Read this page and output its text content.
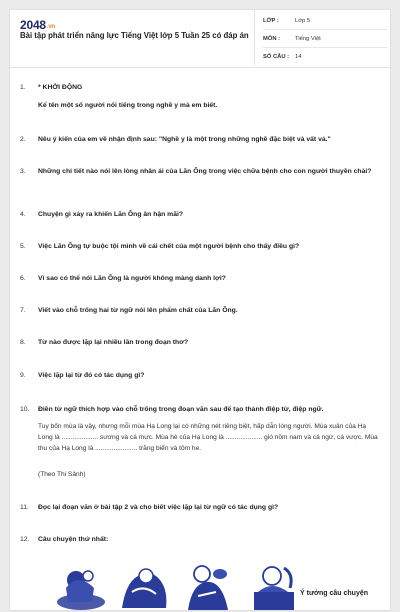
2048.vn
Bài tập phát triển năng lực Tiếng Việt lớp 5 Tuần 25 có đáp án
LỚP :	Lớp 5
MÔN :	Tiếng Việt
SỐ CÂU :	14
1. * KHỞI ĐỘNG
Kể tên một số người nổi tiếng trong nghề y mà em biết.
2. Nêu ý kiến của em về nhận định sau: "Nghề y là một trong những nghề đặc biệt và vất vả."
3. Những chi tiết nào nói lên lòng nhân ái của Lãn Ông trong việc chữa bệnh cho con người thuyền chài?
4. Chuyện gì xảy ra khiến Lãn Ông ân hận mãi?
5. Việc Lãn Ông tự buộc tội mình về cái chết của một người bệnh cho thấy điều gì?
6. Vì sao có thể nói Lãn Ông là người không màng danh lợi?
7. Viết vào chỗ trống hai từ ngữ nói lên phẩm chất của Lãn Ông.
8. Từ nào được lặp lại nhiều lần trong đoạn thơ?
9. Việc lặp lại từ đó có tác dụng gì?
10. Điền từ ngữ thích hợp vào chỗ trống trong đoạn văn sau để tạo thành điệp từ, điệp ngữ.
Tuy bốn mùa là vậy, nhưng mỗi mùa Hạ Long lại có những nét riêng biệt, hấp dẫn lòng người. Mùa xuân của Hạ Long là .................... sương và cá mực. Mùa hè của Hạ Long là .................... gió nồm nam và cá ngừ, cá vược. Mùa thu của Hạ Long là ....................... trăng biển và tôm he.
(Theo Thi Sảnh)
11. Đọc lại đoạn văn ở bài tập 2 và cho biết việc lặp lại từ ngữ có tác dụng gì?
12. Câu chuyện thứ nhất:
Ý tưởng câu chuyện
